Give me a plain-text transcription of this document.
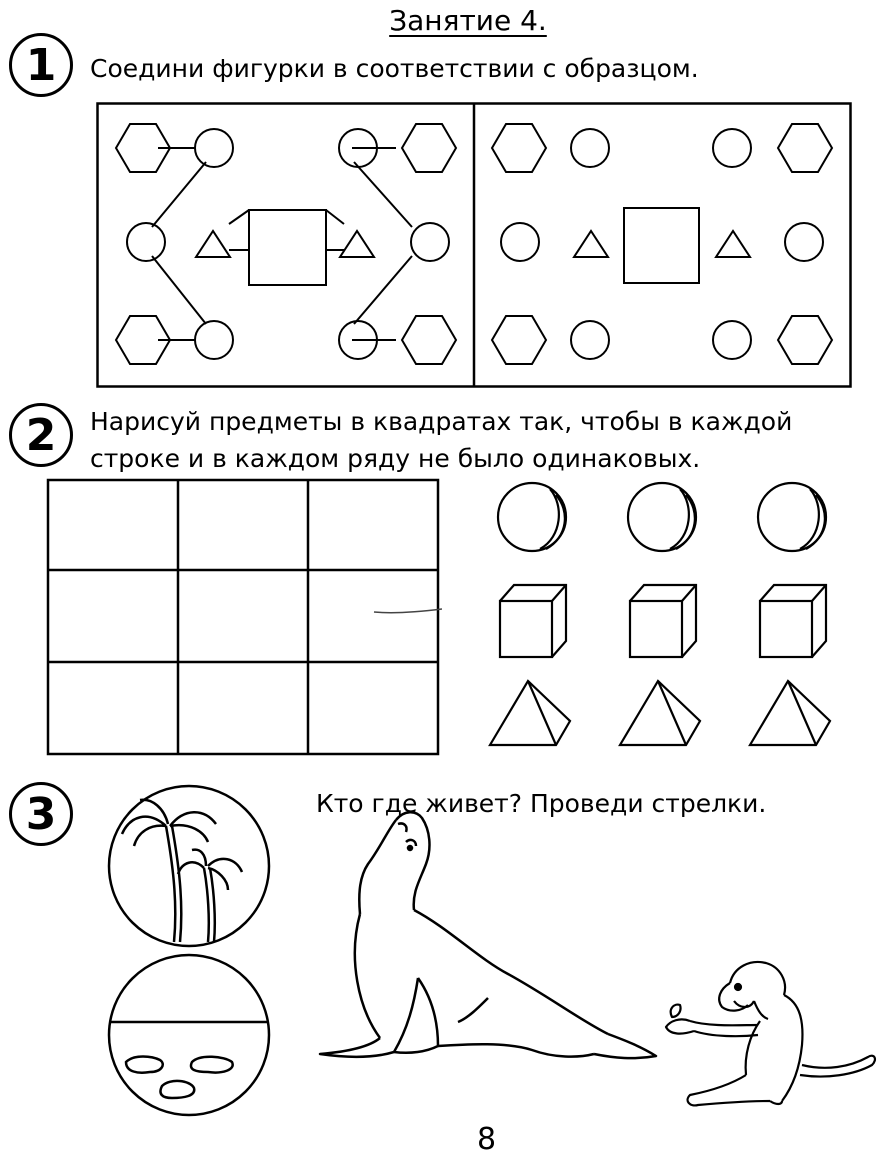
Занятие 4.
1	Соедини фигурки в соответствии с образцом.
2	Нарисуй предметы в квадратах так, чтобы в каждой
строке и в каждом ряду не было одинаковых.
3	Кто где живет? Проведи стрелки.
8
